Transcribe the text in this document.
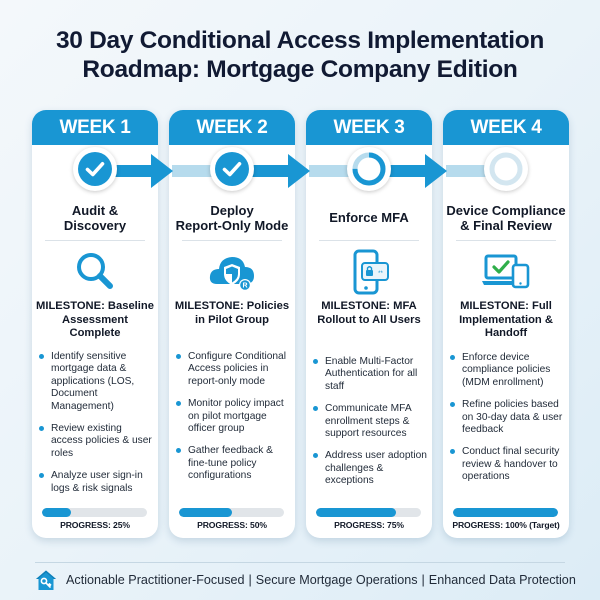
30 Day Conditional Access Implementation
Roadmap: Mortgage Company Edition
WEEK 1	WEEK 2	WEEK 3	WEEK 4
Audit &
Discovery
Deploy
Report-Only Mode
Enforce MFA	Device Compliance
& Final Review
R
**
MILESTONE: Baseline Assessment Complete
MILESTONE: Policies in Pilot Group
MILESTONE: MFA Rollout to All Users
MILESTONE: Full Implementation & Handoff
Identify sensitive mortgage data & applications (LOS, Document Management)
Review existing access policies & user roles
Analyze user sign-in logs & risk signals
Configure Conditional Access policies in report-only mode
Monitor policy impact on pilot mortgage officer group
Gather feedback & fine-tune policy configurations
Enable Multi-Factor Authentication for all staff
Communicate MFA enrollment steps & support resources
Address user adoption challenges & exceptions
Enforce device compliance policies (MDM enrollment)
Refine policies based on 30-day data & user feedback
Conduct final security review & handover to operations
PROGRESS: 25%	PROGRESS: 50%	PROGRESS: 75%	PROGRESS: 100% (Target)
Actionable Practitioner-Focused | Secure Mortgage Operations | Enhanced Data Protection
